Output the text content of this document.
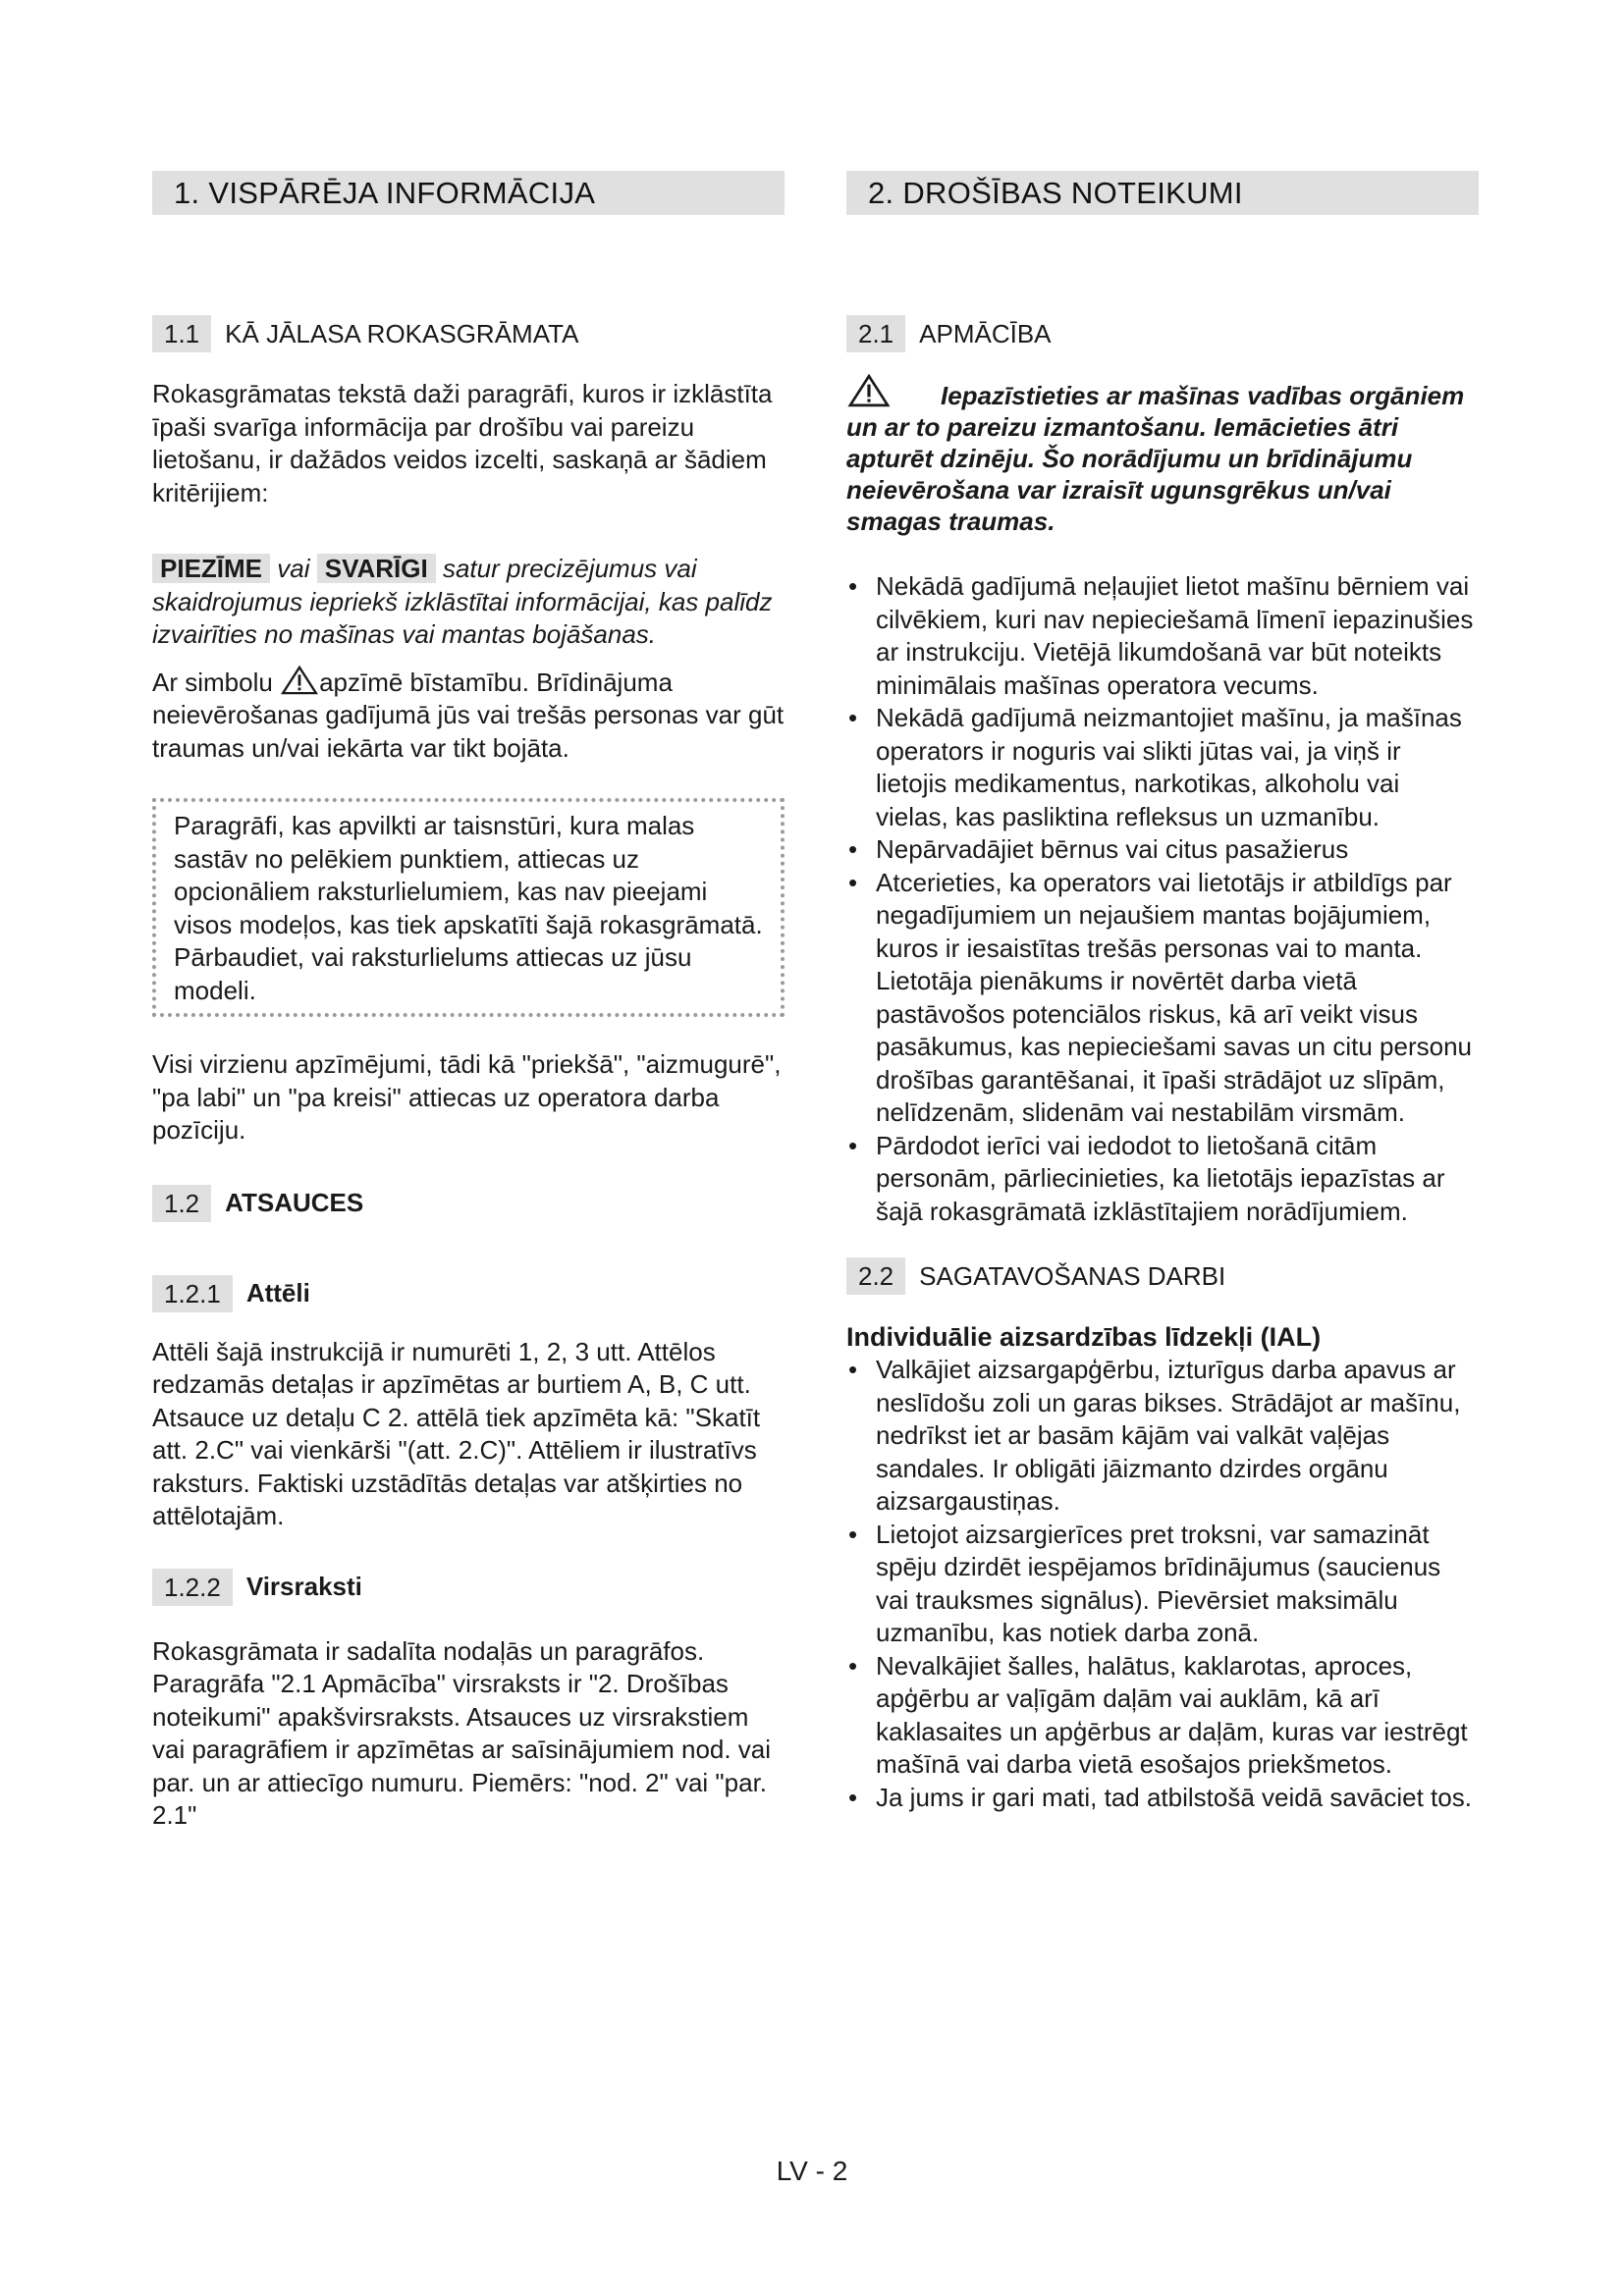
1. VISPĀRĒJA INFORMĀCIJA
1.1	KĀ JĀLASA ROKASGRĀMATA

Rokasgrāmatas tekstā daži paragrāfi, kuros ir izklāstīta īpaši svarīga informācija par drošību vai pareizu lietošanu, ir dažādos veidos izcelti, saskaņā ar šādiem kritērijiem:

PIEZĪME vai SVARĪGI satur precizējumus vai skaidrojumus iepriekš izklāstītai informācijai, kas palīdz izvairīties no mašīnas vai mantas bojāšanas.

Ar simbolu apzīmē bīstamību. Brīdinājuma neievērošanas gadījumā jūs vai trešās personas var gūt traumas un/vai iekārta var tikt bojāta.

Paragrāfi, kas apvilkti ar taisnstūri, kura malas sastāv no pelēkiem punktiem, attiecas uz opcionāliem raksturlielumiem, kas nav pieejami visos modeļos, kas tiek apskatīti šajā rokasgrāmatā. Pārbaudiet, vai raksturlielums attiecas uz jūsu modeli.

Visi virzienu apzīmējumi, tādi kā "priekšā", "aizmugurē", "pa labi" un "pa kreisi" attiecas uz operatora darba pozīciju.

1.2	ATSAUCES
1.2.1	Attēli

Attēli šajā instrukcijā ir numurēti 1, 2, 3 utt. Attēlos redzamās detaļas ir apzīmētas ar burtiem A, B, C utt. Atsauce uz detaļu C 2. attēlā tiek apzīmēta kā: "Skatīt att. 2.C" vai vienkārši "(att. 2.C)". Attēliem ir ilustratīvs raksturs. Faktiski uzstādītās detaļas var atšķirties no attēlotajām.

1.2.2	Virsraksti

Rokasgrāmata ir sadalīta nodaļās un paragrāfos. Paragrāfa "2.1 Apmācība" virsraksts ir "2. Drošības noteikumi" apakšvirsraksts. Atsauces uz virsrakstiem vai paragrāfiem ir apzīmētas ar saīsinājumiem nod. vai par. un ar attiecīgo numuru. Piemērs: "nod. 2" vai "par. 2.1"

2. DROŠĪBAS NOTEIKUMI
2.1	APMĀCĪBA

Iepazīstieties ar mašīnas vadības orgāniem un ar to pareizu izmantošanu. Iemācieties ātri apturēt dzinēju. Šo norādījumu un brīdinājumu neievērošana var izraisīt ugunsgrēkus un/vai smagas traumas.

• Nekādā gadījumā neļaujiet lietot mašīnu bērniem vai cilvēkiem, kuri nav nepieciešamā līmenī iepazinušies ar instrukciju. Vietējā likumdošanā var būt noteikts minimālais mašīnas operatora vecums.
• Nekādā gadījumā neizmantojiet mašīnu, ja mašīnas operators ir noguris vai slikti jūtas vai, ja viņš ir lietojis medikamentus, narkotikas, alkoholu vai vielas, kas pasliktina refleksus un uzmanību.
• Nepārvadājiet bērnus vai citus pasažierus
• Atcerieties, ka operators vai lietotājs ir atbildīgs par negadījumiem un nejaušiem mantas bojājumiem, kuros ir iesaistītas trešās personas vai to manta. Lietotāja pienākums ir novērtēt darba vietā pastāvošos potenciālos riskus, kā arī veikt visus pasākumus, kas nepieciešami savas un citu personu drošības garantēšanai, it īpaši strādājot uz slīpām, nelīdzenām, slidenām vai nestabilām virsmām.
• Pārdodot ierīci vai iedodot to lietošanā citām personām, pārliecinieties, ka lietotājs iepazīstas ar šajā rokasgrāmatā izklāstītajiem norādījumiem.
2.2	SAGATAVOŠANAS DARBI

Individuālie aizsardzības līdzekļi (IAL)

• Valkājiet aizsargapģērbu, izturīgus darba apavus ar neslīdošu zoli un garas bikses. Strādājot ar mašīnu, nedrīkst iet ar basām kājām vai valkāt vaļējas sandales. Ir obligāti jāizmanto dzirdes orgānu aizsargaustiņas.
• Lietojot aizsargierīces pret troksni, var samazināt spēju dzirdēt iespējamos brīdinājumus (saucienus vai trauksmes signālus). Pievērsiet maksimālu uzmanību, kas notiek darba zonā.
• Nevalkājiet šalles, halātus, kaklarotas, aproces, apģērbu ar vaļīgām daļām vai auklām, kā arī kaklasaites un apģērbus ar daļām, kuras var iestrēgt mašīnā vai darba vietā esošajos priekšmetos.
• Ja jums ir gari mati, tad atbilstošā veidā savāciet tos.
LV - 2
